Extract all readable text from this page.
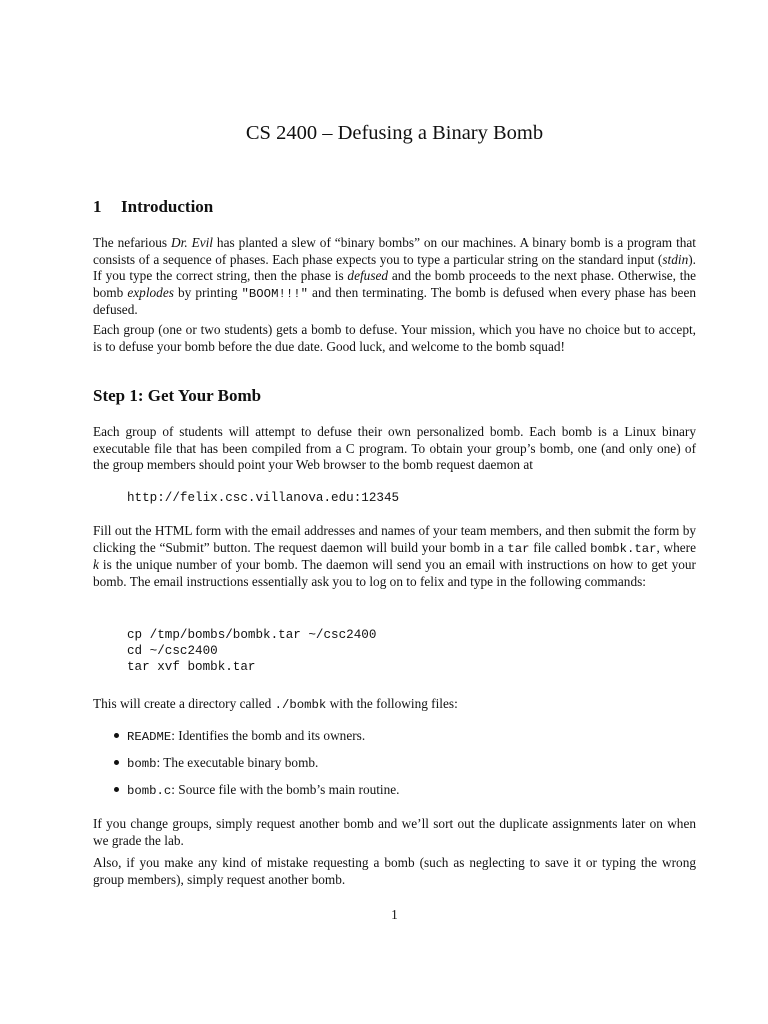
CS 2400 – Defusing a Binary Bomb
1 Introduction

The nefarious Dr. Evil has planted a slew of “binary bombs” on our machines. A binary bomb is a program that consists of a sequence of phases. Each phase expects you to type a particular string on the standard input (stdin). If you type the correct string, then the phase is defused and the bomb proceeds to the next phase. Otherwise, the bomb explodes by printing "BOOM!!!" and then terminating. The bomb is defused when every phase has been defused.

Each group (one or two students) gets a bomb to defuse. Your mission, which you have no choice but to accept, is to defuse your bomb before the due date. Good luck, and welcome to the bomb squad!

Step 1: Get Your Bomb

Each group of students will attempt to defuse their own personalized bomb. Each bomb is a Linux binary executable file that has been compiled from a C program. To obtain your group’s bomb, one (and only one) of the group members should point your Web browser to the bomb request daemon at

http://felix.csc.villanova.edu:12345

Fill out the HTML form with the email addresses and names of your team members, and then submit the form by clicking the “Submit” button. The request daemon will build your bomb in a tar file called bombk.tar, where k is the unique number of your bomb. The daemon will send you an email with instructions on how to get your bomb. The email instructions essentially ask you to log on to felix and type in the following commands:

cp /tmp/bombs/bombk.tar ~/csc2400
cd ~/csc2400
tar xvf bombk.tar

This will create a directory called ./bombk with the following files:

README: Identifies the bomb and its owners.
bomb: The executable binary bomb.
bomb.c: Source file with the bomb’s main routine.

If you change groups, simply request another bomb and we’ll sort out the duplicate assignments later on when we grade the lab.

Also, if you make any kind of mistake requesting a bomb (such as neglecting to save it or typing the wrong group members), simply request another bomb.

1
